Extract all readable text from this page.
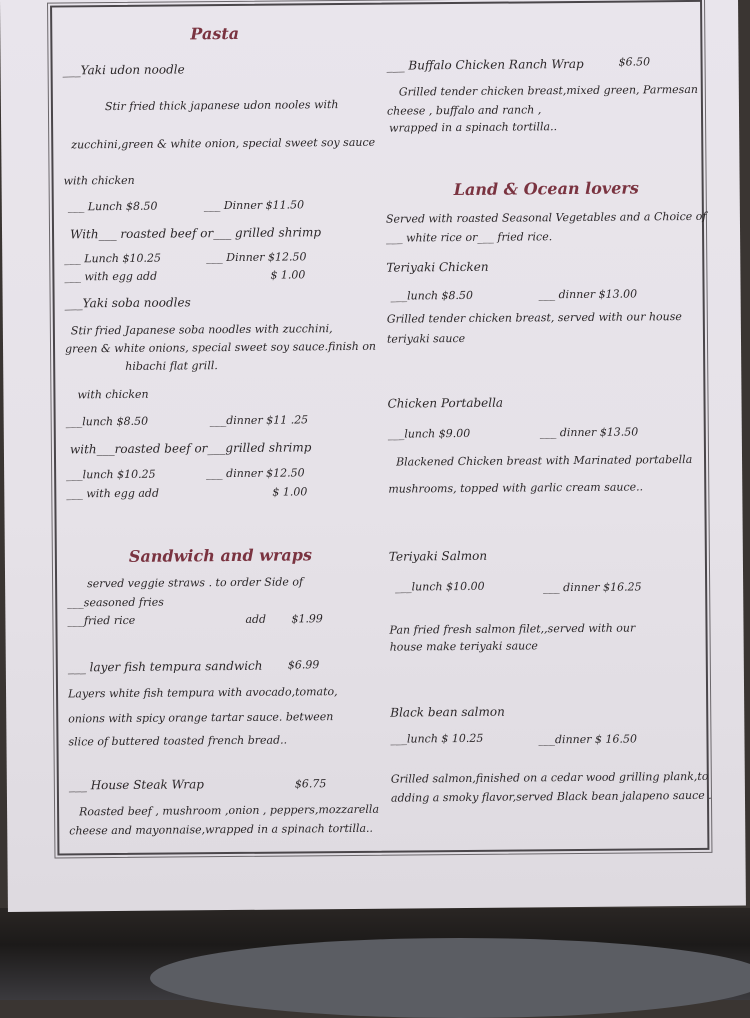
Pasta
___Yaki udon noodle
Stir fried thick japanese udon nooles with
zucchini,green & white onion, special sweet soy sauce
with chicken
___ Lunch $8.50	___ Dinner $11.50
With___ roasted beef or___ grilled shrimp
___ Lunch $10.25	___ Dinner $12.50
___ with egg add	$ 1.00
___Yaki soba noodles
Stir fried Japanese soba noodles with zucchini,
green & white onions, special sweet soy sauce.finish on
hibachi flat grill.
with chicken
___lunch $8.50	___dinner $11 .25
with___roasted beef or___grilled shrimp
___lunch $10.25	___ dinner $12.50
___ with egg add	$ 1.00
Sandwich and wraps
served veggie straws . to order Side of
___seasoned fries
___fried rice	add $1.99
___ layer fish tempura sandwich $6.99
Layers white fish tempura with avocado,tomato,
onions with spicy orange tartar sauce. between
slice of buttered toasted french bread..
___ House Steak Wrap	$6.75
Roasted beef , mushroom ,onion , peppers,mozzarella
cheese and mayonnaise,wrapped in a spinach tortilla..
___ Buffalo Chicken Ranch Wrap	$6.50
Grilled tender chicken breast,mixed green, Parmesan
cheese , buffalo and ranch ,
wrapped in a spinach tortilla..
Land & Ocean lovers
Served with roasted Seasonal Vegetables and a Choice of
___ white rice or___ fried rice.
Teriyaki Chicken
___lunch $8.50	___ dinner $13.00
Grilled tender chicken breast, served with our house
teriyaki sauce
Chicken Portabella
___lunch $9.00	___ dinner $13.50
Blackened Chicken breast with Marinated portabella
mushrooms, topped with garlic cream sauce..
Teriyaki Salmon
___lunch $10.00	___ dinner $16.25
Pan fried fresh salmon filet,,served with our
house make teriyaki sauce
Black bean salmon
___lunch $ 10.25	___dinner $ 16.50
Grilled salmon,finished on a cedar wood grilling plank,to
adding a smoky flavor,served Black bean jalapeno sauce .
